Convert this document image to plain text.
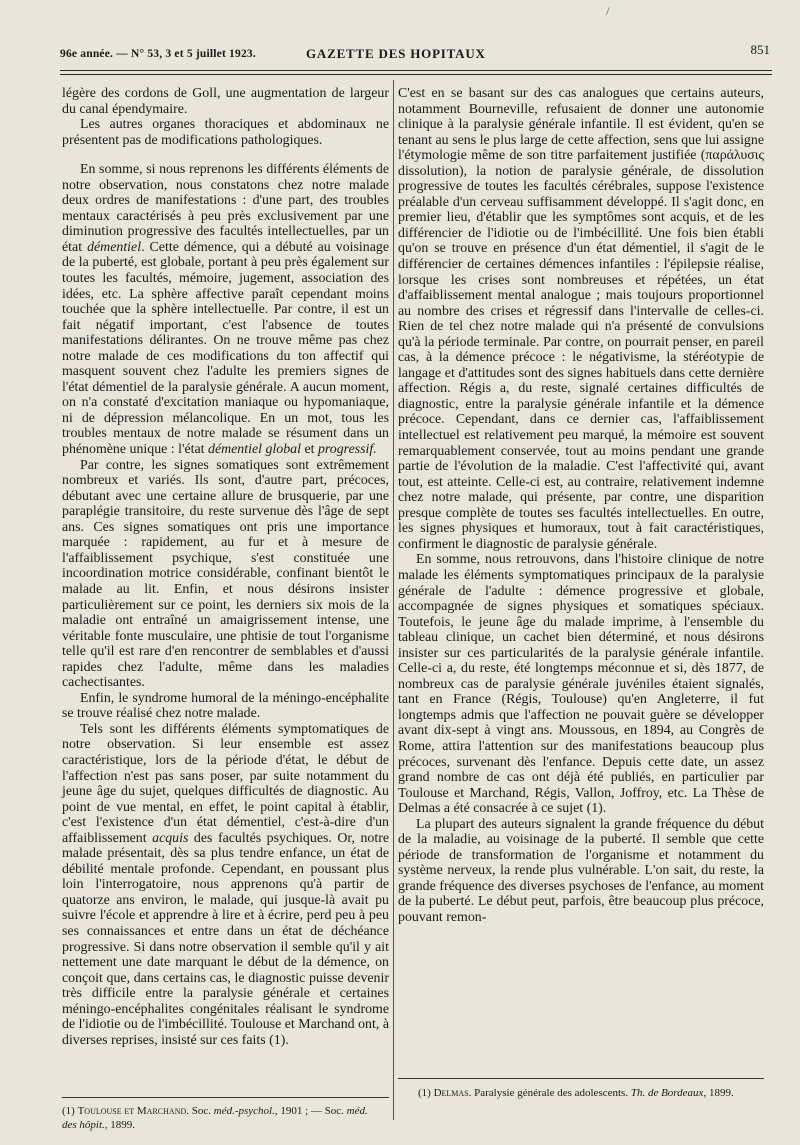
/
96e année. — N° 53, 3 et 5 juillet 1923.	GAZETTE DES HOPITAUX	851

légère des cordons de Goll, une augmentation de largeur du canal épendymaire.

Les autres organes thoraciques et abdominaux ne présentent pas de modifications pathologiques.

En somme, si nous reprenons les différents éléments de notre observation, nous constatons chez notre malade deux ordres de manifestations : d'une part, des troubles mentaux caractérisés à peu près exclusivement par une diminution progressive des facultés intellectuelles, par un état démentiel. Cette démence, qui a débuté au voisinage de la puberté, est globale, portant à peu près également sur toutes les facultés, mémoire, jugement, association des idées, etc. La sphère affective paraît cependant moins touchée que la sphère intellectuelle. Par contre, il est un fait négatif important, c'est l'absence de toutes manifestations délirantes. On ne trouve même pas chez notre malade de ces modifications du ton affectif qui masquent souvent chez l'adulte les premiers signes de l'état démentiel de la paralysie générale. A aucun moment, on n'a constaté d'excitation maniaque ou hypomaniaque, ni de dépression mélancolique. En un mot, tous les troubles mentaux de notre malade se résument dans un phénomène unique : l'état démentiel global et progressif.

Par contre, les signes somatiques sont extrêmement nombreux et variés. Ils sont, d'autre part, précoces, débutant avec une certaine allure de brusquerie, par une paraplégie transitoire, du reste survenue dès l'âge de sept ans. Ces signes somatiques ont pris une importance marquée : rapidement, au fur et à mesure de l'affaiblissement psychique, s'est constituée une incoordination motrice considérable, confinant bientôt le malade au lit. Enfin, et nous désirons insister particulièrement sur ce point, les derniers six mois de la maladie ont entraîné un amaigrissement intense, une véritable fonte musculaire, une phtisie de tout l'organisme telle qu'il est rare d'en rencontrer de semblables et d'aussi rapides chez l'adulte, même dans les maladies cachectisantes.

Enfin, le syndrome humoral de la méningo-encéphalite se trouve réalisé chez notre malade.

Tels sont les différents éléments symptomatiques de notre observation. Si leur ensemble est assez caractéristique, lors de la période d'état, le début de l'affection n'est pas sans poser, par suite notamment du jeune âge du sujet, quelques difficultés de diagnostic. Au point de vue mental, en effet, le point capital à établir, c'est l'existence d'un état démentiel, c'est-à-dire d'un affaiblissement acquis des facultés psychiques. Or, notre malade présentait, dès sa plus tendre enfance, un état de débilité mentale profonde. Cependant, en poussant plus loin l'interrogatoire, nous apprenons qu'à partir de quatorze ans environ, le malade, qui jusque-là avait pu suivre l'école et apprendre à lire et à écrire, perd peu à peu ses connaissances et entre dans un état de déchéance progressive. Si dans notre observation il semble qu'il y ait nettement une date marquant le début de la démence, on conçoit que, dans certains cas, le diagnostic puisse devenir très difficile entre la paralysie générale et certaines méningo-encéphalites congénitales réalisant le syndrome de l'idiotie ou de l'imbécillité. Toulouse et Marchand ont, à diverses reprises, insisté sur ces faits (1).

C'est en se basant sur des cas analogues que certains auteurs, notamment Bourneville, refusaient de donner une autonomie clinique à la paralysie générale infantile. Il est évident, qu'en se tenant au sens le plus large de cette affection, sens que lui assigne l'étymologie même de son titre parfaitement justifiée (παράλυσις dissolution), la notion de paralysie générale, de dissolution progressive de toutes les facultés cérébrales, suppose l'existence préalable d'un cerveau suffisamment développé. Il s'agit donc, en premier lieu, d'établir que les symptômes sont acquis, et de les différencier de l'idiotie ou de l'imbécillité. Une fois bien établi qu'on se trouve en présence d'un état démentiel, il s'agit de le différencier de certaines démences infantiles : l'épilepsie réalise, lorsque les crises sont nombreuses et répétées, un état d'affaiblissement mental analogue ; mais toujours proportionnel au nombre des crises et régressif dans l'intervalle de celles-ci. Rien de tel chez notre malade qui n'a présenté de convulsions qu'à la période terminale. Par contre, on pourrait penser, en pareil cas, à la démence précoce : le négativisme, la stéréotypie de langage et d'attitudes sont des signes habituels dans cette dernière affection. Régis a, du reste, signalé certaines difficultés de diagnostic, entre la paralysie générale infantile et la démence précoce. Cependant, dans ce dernier cas, l'affaiblissement intellectuel est relativement peu marqué, la mémoire est souvent remarquablement conservée, tout au moins pendant une grande partie de l'évolution de la maladie. C'est l'affectivité qui, avant tout, est atteinte. Celle-ci est, au contraire, relativement indemne chez notre malade, qui présente, par contre, une disparition presque complète de toutes ses facultés intellectuelles. En outre, les signes physiques et humoraux, tout à fait caractéristiques, confirment le diagnostic de paralysie générale.

En somme, nous retrouvons, dans l'histoire clinique de notre malade les éléments symptomatiques principaux de la paralysie générale de l'adulte : démence progressive et globale, accompagnée de signes physiques et somatiques spéciaux. Toutefois, le jeune âge du malade imprime, à l'ensemble du tableau clinique, un cachet bien déterminé, et nous désirons insister sur ces particularités de la paralysie générale infantile. Celle-ci a, du reste, été longtemps méconnue et si, dès 1877, de nombreux cas de paralysie générale juvéniles étaient signalés, tant en France (Régis, Toulouse) qu'en Angleterre, il fut longtemps admis que l'affection ne pouvait guère se développer avant dix-sept à vingt ans. Moussous, en 1894, au Congrès de Rome, attira l'attention sur des manifestations beaucoup plus précoces, survenant dès l'enfance. Depuis cette date, un assez grand nombre de cas ont déjà été publiés, en particulier par Toulouse et Marchand, Régis, Vallon, Joffroy, etc. La Thèse de Delmas a été consacrée à ce sujet (1).

La plupart des auteurs signalent la grande fréquence du début de la maladie, au voisinage de la puberté. Il semble que cette période de transformation de l'organisme et notamment du système nerveux, la rende plus vulnérable. L'on sait, du reste, la grande fréquence des diverses psychoses de l'enfance, au moment de la puberté. Le début peut, parfois, être beaucoup plus précoce, pouvant remon-

(1) Toulouse et Marchand. Soc. méd.-psychol., 1901 ; — Soc. méd. des hôpit., 1899.
(1) Delmas. Paralysie générale des adolescents. Th. de Bordeaux, 1899.
